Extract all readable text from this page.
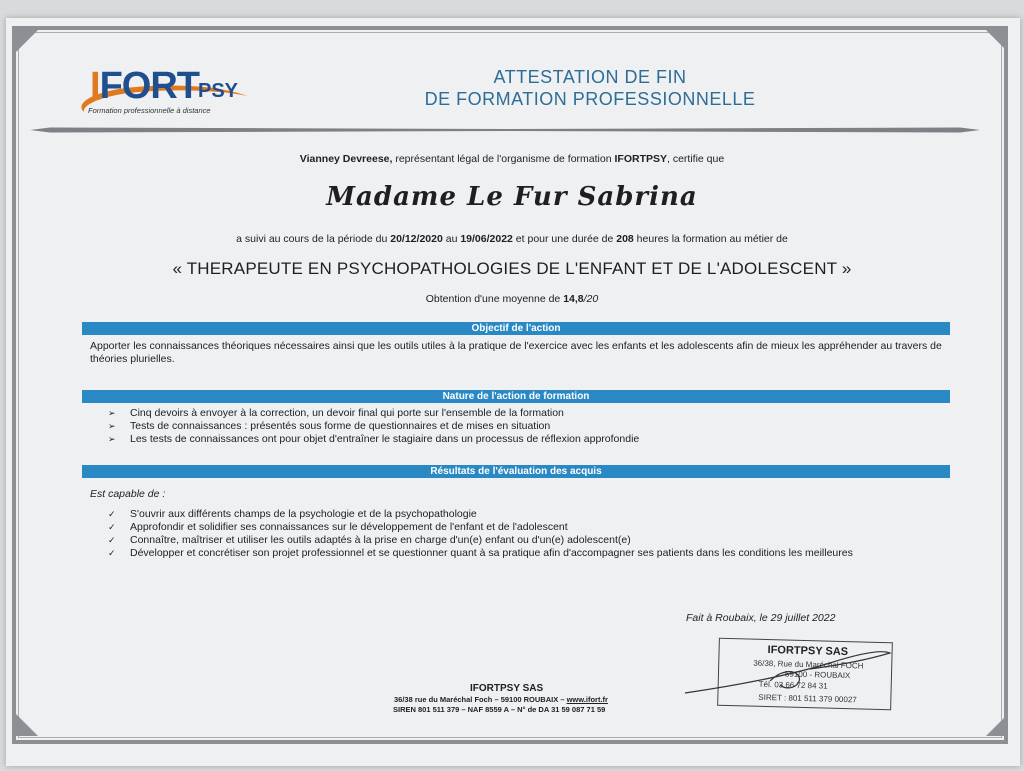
IFORT PSY
Formation professionnelle à distance
ATTESTATION DE FIN
DE FORMATION PROFESSIONNELLE
Vianney Devreese, représentant légal de l'organisme de formation IFORTPSY, certifie que
Madame Le Fur Sabrina
a suivi au cours de la période du 20/12/2020 au 19/06/2022 et pour une durée de 208 heures la formation au métier de
« THERAPEUTE EN PSYCHOPATHOLOGIES DE L'ENFANT ET DE L'ADOLESCENT »
Obtention d'une moyenne de 14,8/20
Objectif de l'action
Apporter les connaissances théoriques nécessaires ainsi que les outils utiles à la pratique de l'exercice avec les enfants et les adolescents afin de mieux les appréhender au travers de théories plurielles.
Nature de l'action de formation
➢ Cinq devoirs à envoyer à la correction, un devoir final qui porte sur l'ensemble de la formation
➢ Tests de connaissances : présentés sous forme de questionnaires et de mises en situation
➢ Les tests de connaissances ont pour objet d'entraîner le stagiaire dans un processus de réflexion approfondie
Résultats de l'évaluation des acquis
Est capable de :
✓ S'ouvrir aux différents champs de la psychologie et de la psychopathologie
✓ Approfondir et solidifier ses connaissances sur le développement de l'enfant et de l'adolescent
✓ Connaître, maîtriser et utiliser les outils adaptés à la prise en charge d'un(e) enfant ou d'un(e) adolescent(e)
✓ Développer et concrétiser son projet professionnel et se questionner quant à sa pratique afin d'accompagner ses patients dans les conditions les meilleures
Fait à Roubaix, le 29 juillet 2022
IFORTPSY SAS
36/38, Rue du Maréchal FOCH
59100 - ROUBAIX
Tél. 03 66 72 84 31
SIRET : 801 511 379 00027
IFORTPSY SAS
36/38 rue du Maréchal Foch – 59100 ROUBAIX – www.ifort.fr
SIREN 801 511 379 – NAF 8559 A – N° de DA 31 59 087 71 59
